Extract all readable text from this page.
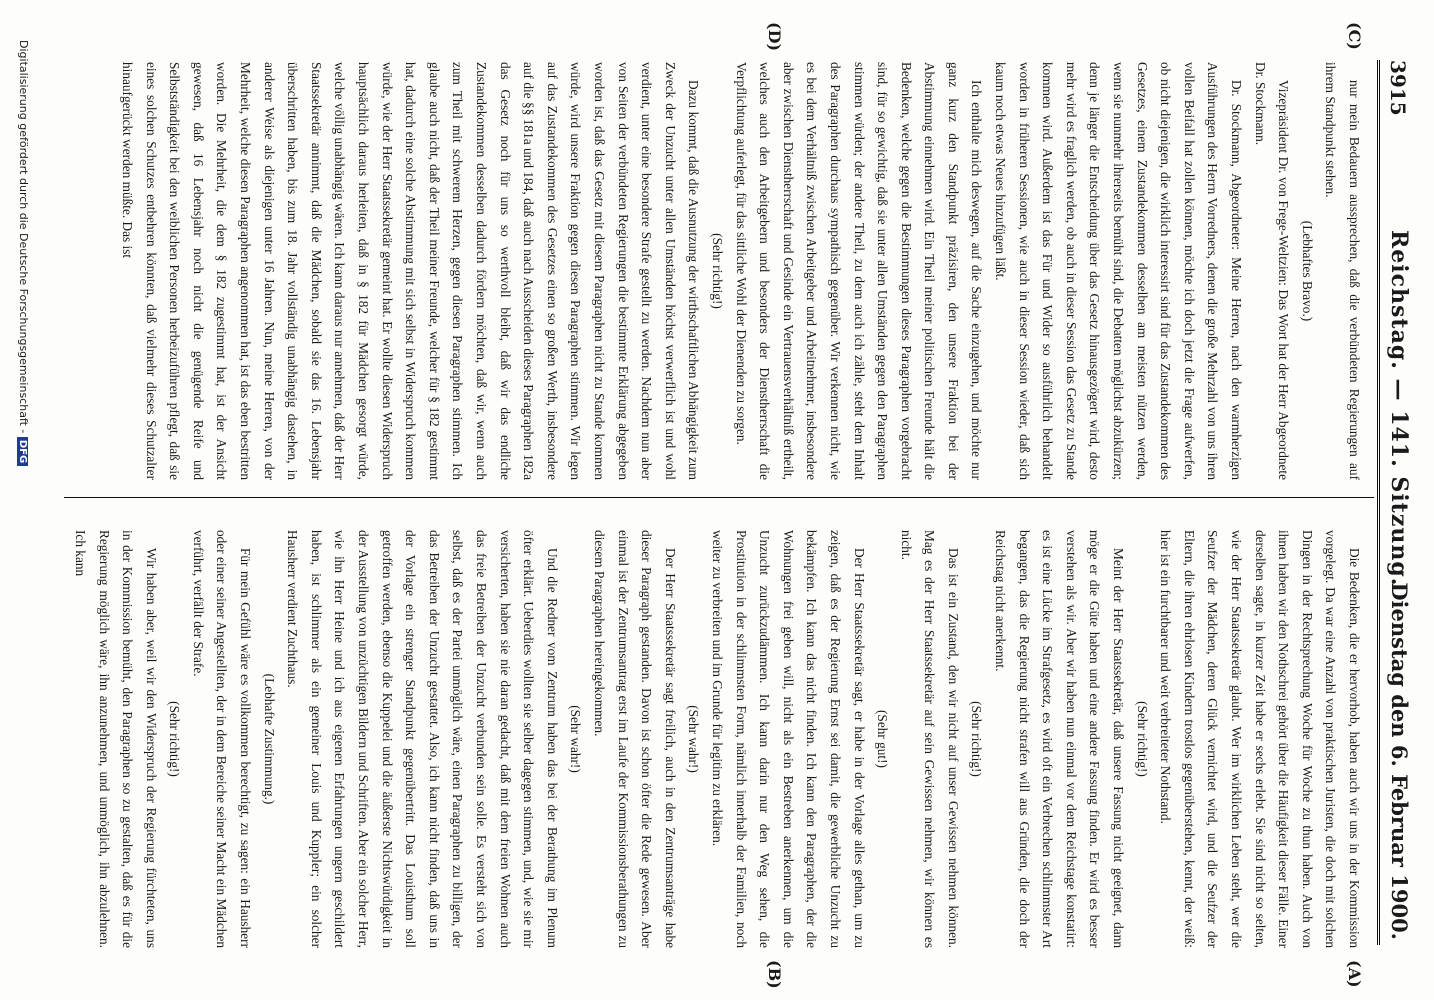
3915
Reichstag. — 141. Sitzung.
Dienstag den 6. Februar 1900.
(C)
(D)
(A)
(B)

nur mein Bedauern aussprechen, daß die verbündeten Regierungen auf ihrem Standpunkt stehen.

(Lebhaftes Bravo.)

Vizepräsident Dr. von Frege-Weltzien: Das Wort hat der Herr Abgeordnete Dr. Stockmann.

Dr. Stockmann, Abgeordneter: Meine Herren, nach den warmherzigen Ausführungen des Herrn Vorredners, denen die große Mehrzahl von uns ihren vollen Beifall hat zollen können, möchte ich doch jetzt die Frage aufwerfen, ob nicht diejenigen, die wirklich interessirt sind für das Zustandekommen des Gesetzes, einem Zustandekommen desselben am meisten nützen werden, wenn sie nunmehr ihrerseits bemüht sind, die Debatten möglichst abzukürzen; denn je länger die Entscheidung über das Gesetz hinausgezögert wird, desto mehr wird es fraglich werden, ob auch in dieser Session das Gesetz zu Stande kommen wird. Außerdem ist das Für und Wider so ausführlich behandelt worden in früheren Sessionen, wie auch in dieser Session wieder, daß sich kaum noch etwas Neues hinzufügen läßt.

Ich enthalte mich deswegen, auf die Sache einzugehen, und möchte nur ganz kurz den Standpunkt präzisiren, den unsere Fraktion bei der Abstimmung einnehmen wird. Ein Theil meiner politischen Freunde hält die Bedenken, welche gegen die Bestimmungen dieses Paragraphen vorgebracht sind, für so gewichtig, daß sie unter allen Umständen gegen den Paragraphen stimmen würden; der andere Theil, zu dem auch ich zähle, steht dem Inhalt des Paragraphen durchaus sympathisch gegenüber. Wir verkennen nicht, wie es bei dem Verhältniß zwischen Arbeitgeber und Arbeitnehmer, insbesondere aber zwischen Dienstherrschaft und Gesinde ein Vertrauensverhältniß ertheilt, welches auch den Arbeitgebern und besonders der Dienstherrschaft die Verpflichtung auferlegt, für das sittliche Wohl der Dienenden zu sorgen.

(Sehr richtig!)

Dazu kommt, daß die Ausnutzung der wirthschaftlichen Abhängigkeit zum Zweck der Unzucht unter allen Umständen höchst verwerflich ist und wohl verdient, unter eine besondere Strafe gestellt zu werden. Nachdem nun aber von Seiten der verbündeten Regierungen die bestimmte Erklärung abgegeben worden ist, daß das Gesetz mit diesem Paragraphen nicht zu Stande kommen würde, wird unsere Fraktion gegen diesen Paragraphen stimmen. Wir legen auf das Zustandekommen des Gesetzes einen so großen Werth, insbesondere auf die §§ 181a und 184, daß auch nach Ausscheiden dieses Paragraphen 182a das Gesetz noch für uns so werthvoll bleibt, daß wir das endliche Zustandekommen desselben dadurch fördern möchten, daß wir, wenn auch zum Theil mit schwerem Herzen, gegen diesen Paragraphen stimmen. Ich glaube auch nicht, daß der Theil meiner Freunde, welcher für § 182 gestimmt hat, dadurch eine solche Abstimmung mit sich selbst in Widerspruch kommen würde, wie der Herr Staatssekretär gemeint hat. Er wollte diesen Widerspruch hauptsächlich daraus herleiten, daß in § 182 für Mädchen gesorgt würde, welche völlig unabhängig wären. Ich kann daraus nur annehmen, daß der Herr Staatssekretär annimmt, daß die Mädchen, sobald sie das 16. Lebensjahr überschritten haben, bis zum 18. Jahr vollständig unabhängig dastehen, in anderer Weise als diejenigen unter 16 Jahren. Nun, meine Herren, von der Mehrheit, welche diesen Paragraphen angenommen hat, ist das eben bestritten worden. Die Mehrheit, die dem § 182 zugestimmt hat, ist der Ansicht gewesen, daß 16 Lebensjahr noch nicht die genügende Reife und Selbstständigkeit bei den weiblichen Personen herbeizuführen pflegt, daß sie eines solchen Schutzes entbehren könnten, daß vielmehr dieses Schutzalter hinaufgerückt werden müßte. Das ist

Die Bedenken, die er hervorhob, haben auch wir uns in der Kommission vorgelegt. Da war eine Anzahl von praktischen Juristen, die doch mit solchen Dingen in der Rechtsprechung Woche für Woche zu thun haben. Auch von ihnen haben wir den Nothschrei gehört über die Häufigkeit dieser Fälle. Einer derselben sagte, in kurzer Zeit habe er sechs erlebt. Sie sind nicht so selten, wie der Herr Staatssekretär glaubt. Wer im wirklichen Leben steht, wer die Seufzer der Mädchen, deren Glück vernichtet wird, und die Seufzer der Eltern, die ihren ehrlosen Kindern trostlos gegenüberstehen, kennt, der weiß: hier ist ein furchtbarer und weit verbreiteter Nothstand.

(Sehr richtig!)

Meint der Herr Staatssekretär, daß unsere Fassung nicht geeignet, dann möge er die Güte haben und eine andere Fassung finden. Er wird es besser verstehen als wir. Aber wir haben nun einmal vor dem Reichstage konstatirt: es ist eine Lücke im Strafgesetz, es wird oft ein Verbrechen schlimmster Art begangen, das die Regierung nicht strafen will aus Gründen, die doch der Reichstag nicht anerkennt.

(Sehr richtig!)

Das ist ein Zustand, den wir nicht auf unser Gewissen nehmen können. Mag es der Herr Staatssekretär auf sein Gewissen nehmen, wir können es nicht.

(Sehr gut!)

Der Herr Staatssekretär sagt, er habe in der Vorlage alles gethan, um zu zeigen, daß es der Regierung Ernst sei damit, die gewerbliche Unzucht zu bekämpfen. Ich kann das nicht finden. Ich kann den Paragraphen, der die Wohnungen frei geben will, nicht als ein Bestreben anerkennen, um die Unzucht zurückzudämmen. Ich kann darin nur den Weg sehen, die Prostitution in der schlimmsten Form, nämlich innerhalb der Familien, noch weiter zu verbreiten und im Grunde für legitim zu erklären.

(Sehr wahr!)

Der Herr Staatssekretär sagt freilich, auch in den Zentrumsanträge habe dieser Paragraph gestanden. Davon ist schon öfter die Rede gewesen. Aber einmal ist der Zentrumsantrag erst im Laufe der Kommissionsberathungen zu diesem Paragraphen hereingekommen.

(Sehr wahr!)

Und die Redner vom Zentrum haben das bei der Berathung im Plenum öfter erklärt. Ueberdies wollten sie selber dagegen stimmen, und, wie sie mir versicherten, haben sie nie daran gedacht, daß mit dem freien Wohnen auch das freie Betreiben der Unzucht verbunden sein solle. Es versteht sich von selbst, daß es der Partei unmöglich wäre, einen Paragraphen zu billigen, der das Betreiben der Unzucht gestattet. Also, ich kann nicht finden, daß uns in der Vorlage ein strenger Standpunkt gegenübertritt. Das Louisthum soll getroffen werden, ebenso die Kuppelei und die äußerste Nichtswürdigkeit in der Ausstellung von unzüchtigen Bildern und Schriften. Aber ein solcher Herr, wie ihn Herr Heine und ich aus eigenen Erfahrungen ungern geschildert haben, ist schlimmer als ein gemeiner Louis und Kuppler; ein solcher Hausherr verdient Zuchthaus.

(Lebhafte Zustimmung.)

Für mein Gefühl wäre es vollkommen berechtigt, zu sagen: ein Hausherr oder einer seiner Angestellten, der in dem Bereiche seiner Macht ein Mädchen verführt, verfällt der Strafe.

(Sehr richtig!)

Wir haben aber, weil wir den Widerspruch der Regierung fürchteten, uns in der Kommission bemüht, den Paragraphen so zu gestalten, daß es für die Regierung möglich wäre, ihn anzunehmen, und unmöglich, ihn abzulehnen. Ich kann

Digitalisierung gefördert durch die Deutsche Forschungsgemeinschaft - DFG
